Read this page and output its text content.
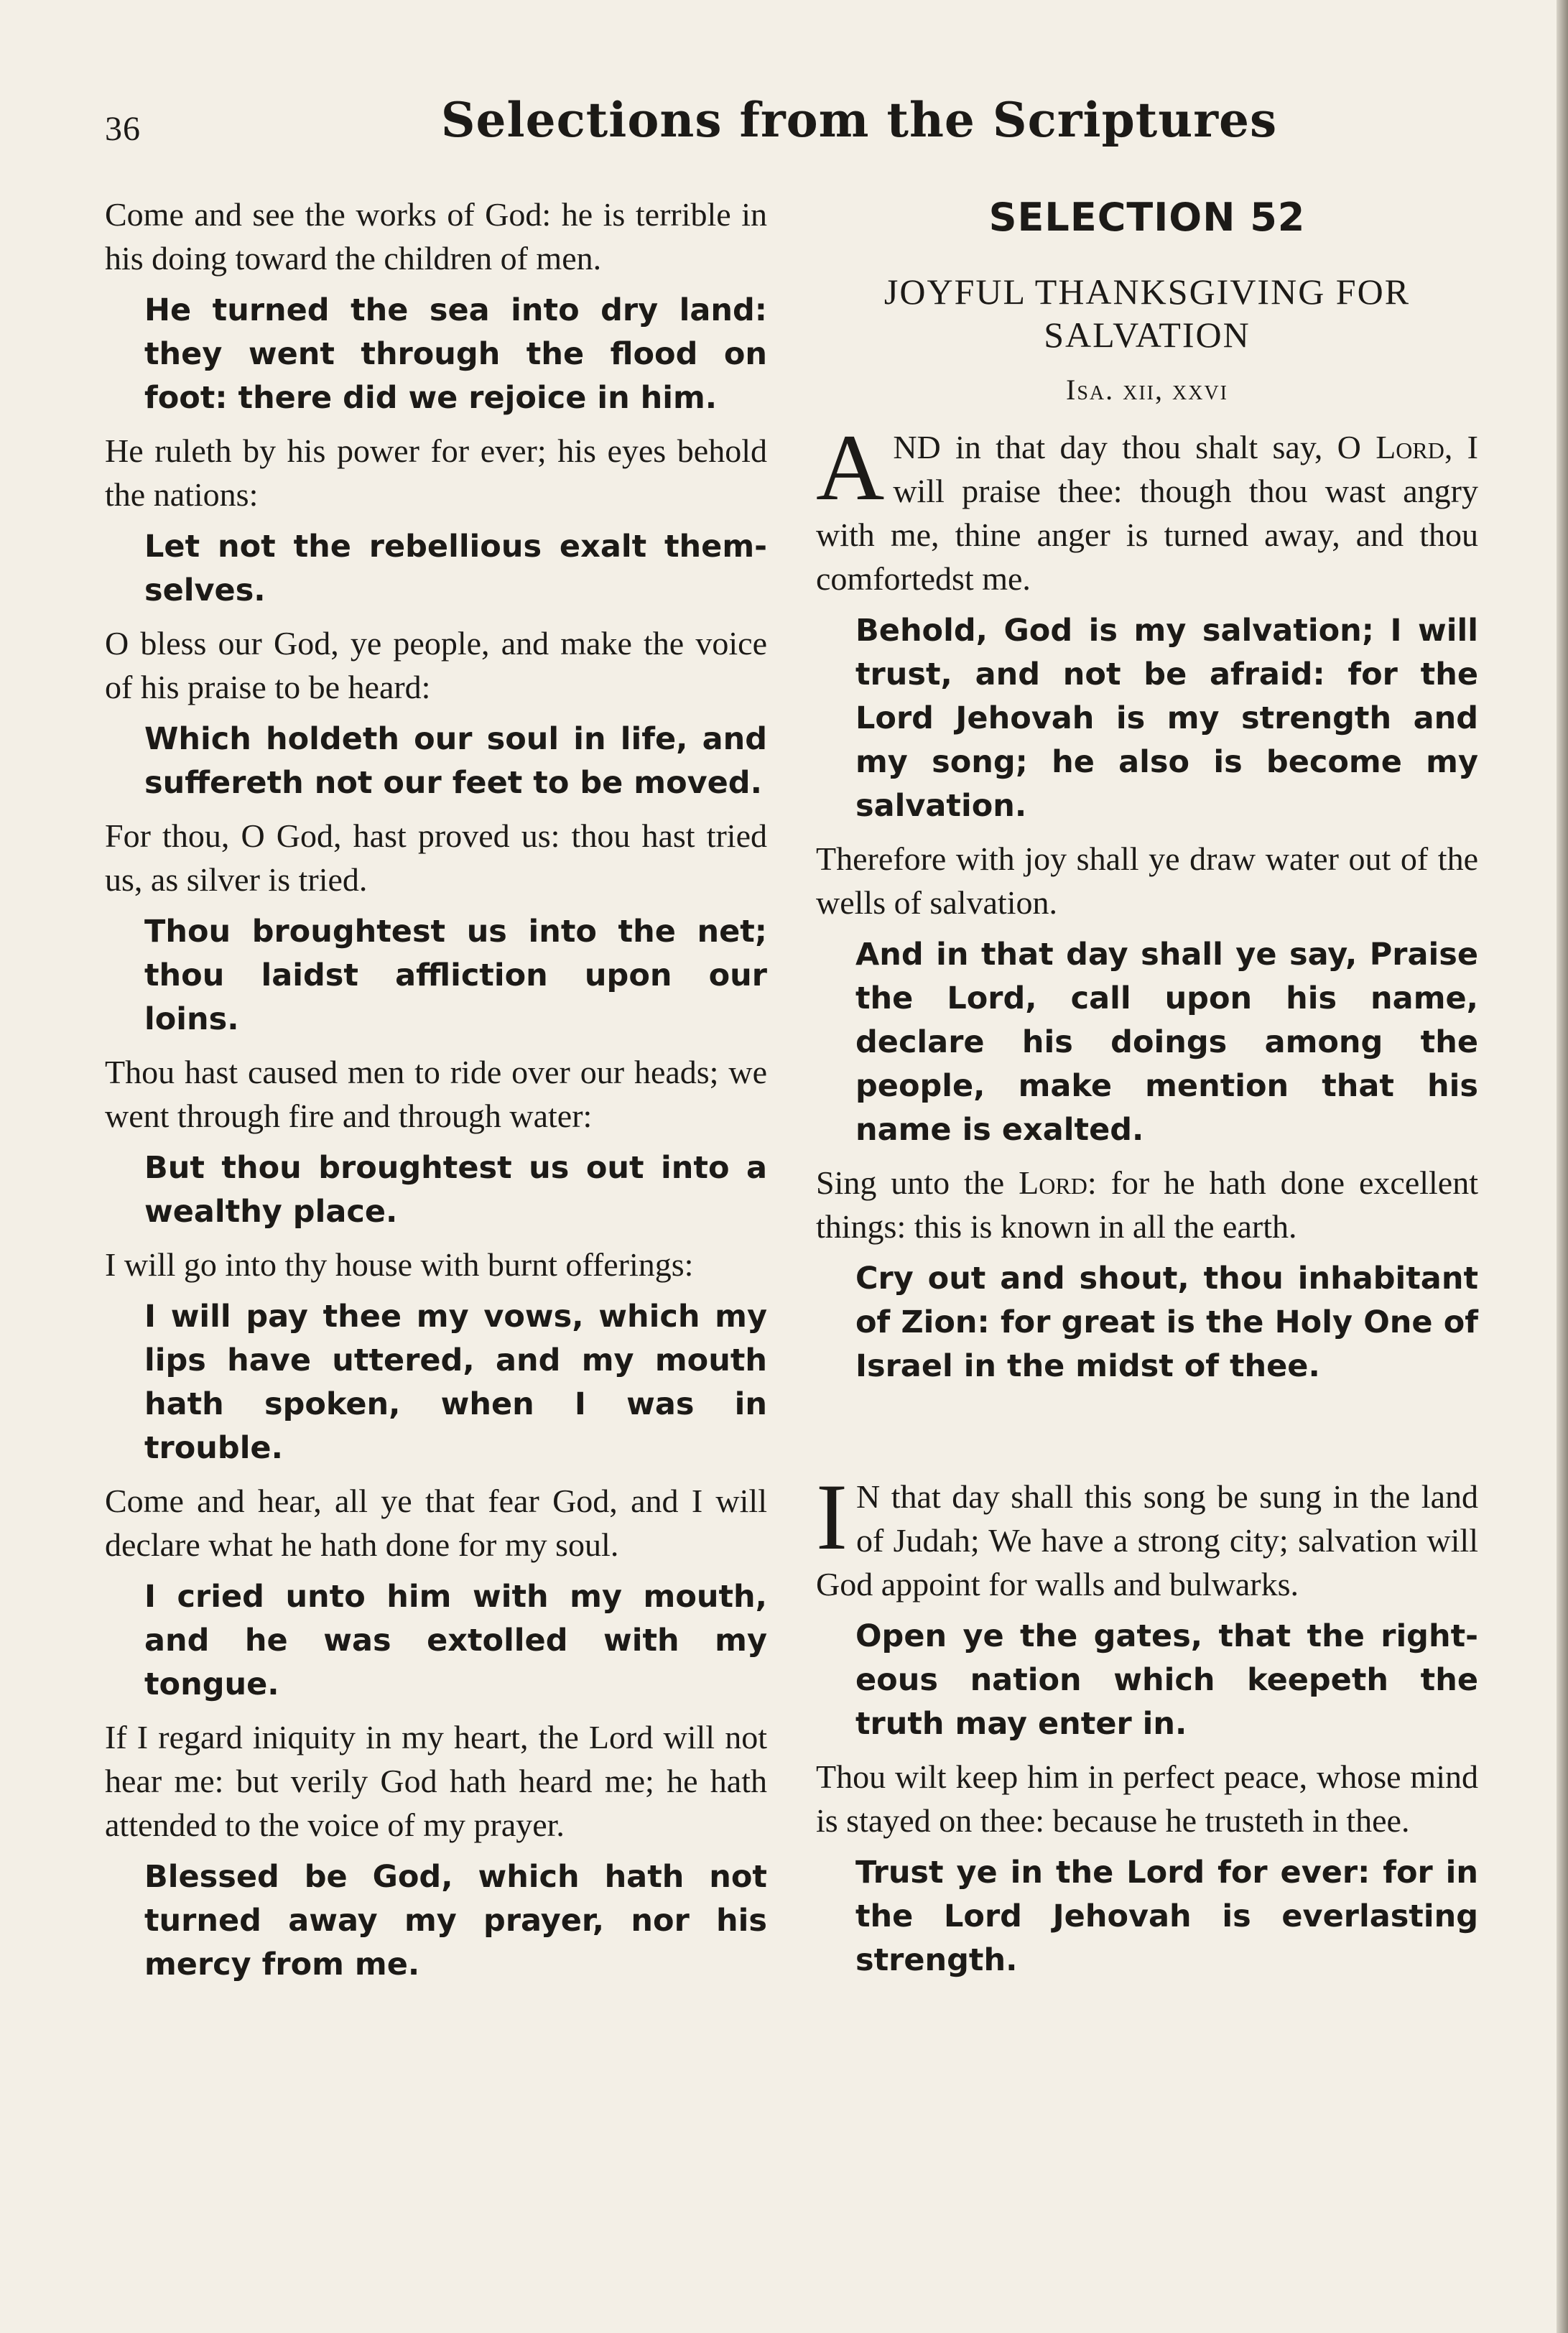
36	Selections from the Scriptures

Come and see the works of God: he is terrible in his doing toward the children of men.

He turned the sea into dry land: they went through the flood on foot: there did we rejoice in him.

He ruleth by his power for ever; his eyes behold the nations:

Let not the rebellious exalt themselves.

O bless our God, ye people, and make the voice of his praise to be heard:

Which holdeth our soul in life, and suffereth not our feet to be moved.

For thou, O God, hast proved us: thou hast tried us, as silver is tried.

Thou broughtest us into the net; thou laidst affliction upon our loins.

Thou hast caused men to ride over our heads; we went through fire and through water:

But thou broughtest us out into a wealthy place.

I will go into thy house with burnt offerings:

I will pay thee my vows, which my lips have uttered, and my mouth hath spoken, when I was in trouble.

Come and hear, all ye that fear God, and I will declare what he hath done for my soul.

I cried unto him with my mouth, and he was extolled with my tongue.

If I regard iniquity in my heart, the Lord will not hear me: but verily God hath heard me; he hath attended to the voice of my prayer.

Blessed be God, which hath not turned away my prayer, nor his mercy from me.

SELECTION 52
JOYFUL THANKSGIVING FOR SALVATION
Isa. xii, xxvi

AND in that day thou shalt say, O Lord, I will praise thee: though thou wast angry with me, thine anger is turned away, and thou comfortedst me.

Behold, God is my salvation; I will trust, and not be afraid: for the Lord Jehovah is my strength and my song; he also is become my salvation.

Therefore with joy shall ye draw water out of the wells of salvation.

And in that day shall ye say, Praise the Lord, call upon his name, declare his doings among the people, make mention that his name is exalted.

Sing unto the Lord: for he hath done excellent things: this is known in all the earth.

Cry out and shout, thou inhabitant of Zion: for great is the Holy One of Israel in the midst of thee.

I N that day shall this song be sung in the land of Judah; We have a strong city; salvation will God appoint for walls and bulwarks.

Open ye the gates, that the righteous nation which keepeth the truth may enter in.

Thou wilt keep him in perfect peace, whose mind is stayed on thee: because he trusteth in thee.

Trust ye in the Lord for ever: for in the Lord Jehovah is everlasting strength.
